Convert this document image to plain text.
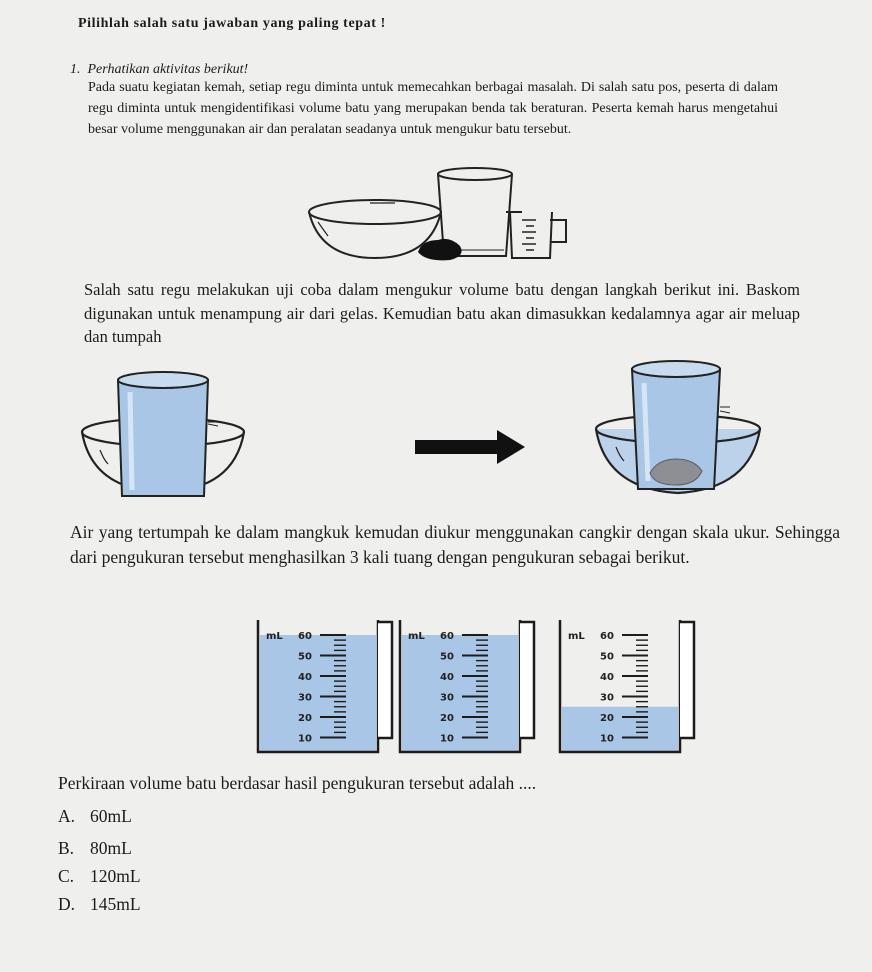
Pilihlah salah satu jawaban yang paling tepat !
1. Perhatikan aktivitas berikut!
Pada suatu kegiatan kemah, setiap regu diminta untuk memecahkan berbagai masalah. Di salah satu pos, peserta di dalam regu diminta untuk mengidentifikasi volume batu yang merupakan benda tak beraturan. Peserta kemah harus mengetahui besar volume menggunakan air dan peralatan seadanya untuk mengukur batu tersebut.
Salah satu regu melakukan uji coba dalam mengukur volume batu dengan langkah berikut ini. Baskom digunakan untuk menampung air dari gelas. Kemudian batu akan dimasukkan kedalamnya agar air meluap dan tumpah
Air yang tertumpah ke dalam mangkuk kemudan diukur menggunakan cangkir dengan skala ukur. Sehingga dari pengukuran tersebut menghasilkan 3 kali tuang dengan pengukuran sebagai berikut.
mL 60
50
40
30
20
10
mL 60
50
40
30
20
10
mL 60
50
40
30
20
10
Perkiraan volume batu berdasar hasil pengukuran tersebut adalah ....
A. 60mL
B. 80mL
C. 120mL
D. 145mL
